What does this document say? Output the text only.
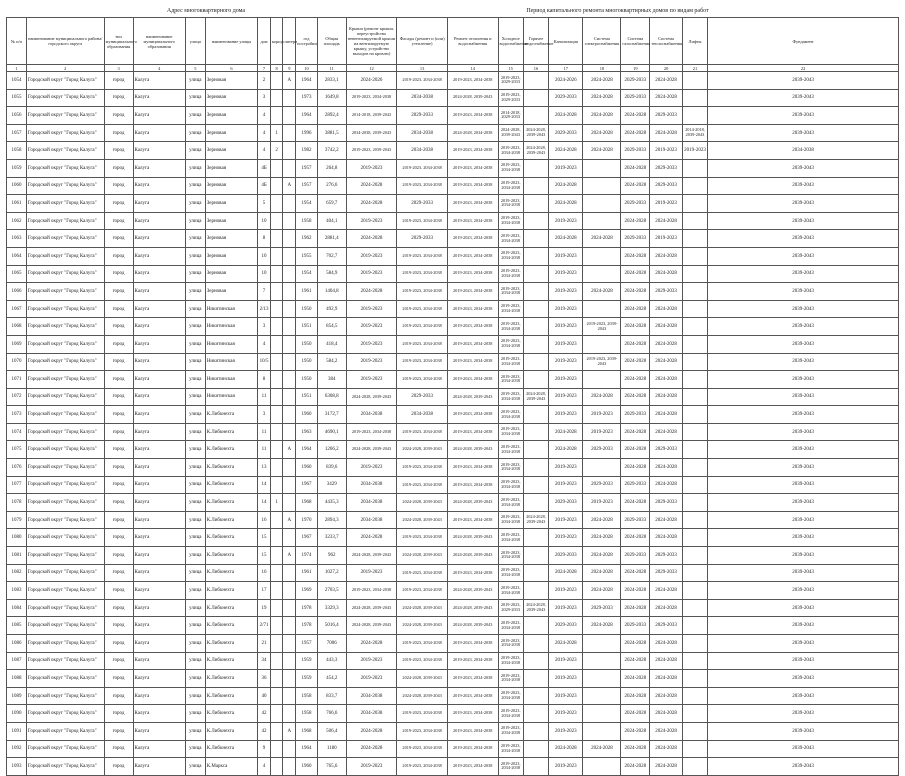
Адрес многоквартирного дома	Период капитального ремонта многоквартирных домов по видам работ
№ п/п	наименование муниципального района/городского округа	тип муниципального образования	наименование муниципального образования	улица	наименование улицы	дом	корпус	литера	год постройки	Общая площадь	Крыши (ремонт крыши, переустройство невентилируемой крыши на вентилируемую крышу, устройство выходов на кровлю)	Фасады (ремонт и (или) утепление)	Ремонт отопления и водоснабжения	Холодное водоснабжение	Горячее водоснабжение	Канализация	Система электроснабжения	Система газоснабжения	Система теплоснабжения	Лифты	Фундамент
1	2	3	4	5	6	7	8	9	10	11	12	13	14	15	16	17	18	19	20	21	22
1054	Городской округ "Город Калуга"	город	Калуга	улица	Зерновая	2		А	1964	2833,1	2024-2026	2019-2023, 2034-2038	2019-2023, 2034-2038	2019-2023, 2029-2033		2024-2026	2024-2028	2029-2033	2024-2028		2039-2043
1055	Городской округ "Город Калуга"	город	Калуга	улица	Зерновая	3			1973	1649,8	2019-2023, 2034-2038	2034-2038	2024-2028, 2039-2043	2019-2023, 2029-2033		2029-2033	2024-2028	2029-2033	2024-2028		2039-2043
1056	Городской округ "Город Калуга"	город	Калуга	улица	Зерновая	4			1964	2892,4	2014-2018, 2039-2043	2029-2033	2019-2023, 2034-2038	2014-2018, 2029-2033		2024-2028	2024-2028	2024-2028	2029-2033		2039-2043
1057	Городской округ "Город Калуга"	город	Калуга	улица	Зерновая	4	1		1996	3881,5	2034-2038, 2039-2043	2034-2038	2024-2028, 2034-2038	2024-2028, 2039-2043	2024-2028, 2039-2043	2029-2033	2024-2028	2024-2028	2024-2028	2014-2018, 2039-2043	2039-2043
1058	Городской округ "Город Калуга"	город	Калуга	улица	Зерновая	4	2		1982	3742,2	2019-2023, 2039-2043	2034-2038	2019-2023, 2034-2038	2019-2023, 2034-2038	2024-2028, 2039-2043	2024-2028	2024-2028	2029-2033	2019-2023	2019-2023	2034-2038
1059	Городской округ "Город Калуга"	город	Калуга	улица	Зерновая	4Б			1957	264,8	2019-2023	2019-2023, 2034-2038	2019-2023, 2034-2038	2019-2023, 2034-2038		2019-2023		2024-2028	2029-2033		2039-2043
1060	Городской округ "Город Калуга"	город	Калуга	улица	Зерновая	4Б		А	1957	276,6	2024-2028	2019-2023, 2034-2038	2019-2023, 2034-2038	2019-2023, 2034-2038		2024-2028		2024-2028	2029-2033		2039-2043
1061	Городской округ "Город Калуга"	город	Калуга	улица	Зерновая	5			1954	659,7	2024-2028	2029-2033	2019-2023, 2034-2038	2019-2023, 2034-2038		2024-2028		2029-2033	2019-2023		2039-2043
1062	Городской округ "Город Калуга"	город	Калуга	улица	Зерновая	10			1958	404,1	2019-2023	2019-2023, 2034-2038	2019-2023, 2034-2038	2019-2023, 2034-2038		2019-2023		2024-2028	2024-2028		2039-2043
1063	Городской округ "Город Калуга"	город	Калуга	улица	Зерновая	8			1962	2881,4	2024-2028	2029-2033	2019-2023, 2034-2038	2019-2023, 2034-2038		2024-2028	2024-2028	2029-2033	2019-2023		2039-2043
1064	Городской округ "Город Калуга"	город	Калуга	улица	Зерновая	10			1955	702,7	2019-2023	2019-2023, 2034-2038	2019-2023, 2034-2038	2019-2023, 2034-2038		2019-2023		2024-2028	2024-2028		2039-2043
1065	Городской округ "Город Калуга"	город	Калуга	улица	Зерновая	10			1954	584,9	2019-2023	2019-2023, 2034-2038	2019-2023, 2034-2038	2019-2023, 2034-2038		2019-2023		2024-2028	2024-2028		2039-2043
1066	Городской округ "Город Калуга"	город	Калуга	улица	Зерновая	7			1961	1404,8	2024-2028	2019-2023, 2034-2038	2019-2023, 2034-2038	2019-2023, 2034-2038		2019-2023	2024-2028	2024-2028	2029-2033		2039-2043
1067	Городской округ "Город Калуга"	город	Калуга	улица	Никитинская	2/13			1950	492,9	2019-2023	2019-2023, 2034-2038	2019-2023, 2034-2038	2019-2023, 2034-2038		2019-2023		2024-2028	2024-2028		2039-2043
1068	Городской округ "Город Калуга"	город	Калуга	улица	Никитинская	3			1951	854,5	2019-2023	2019-2023, 2034-2038	2019-2023, 2034-2038	2019-2023, 2034-2038		2019-2023	2019-2023, 2039-2043	2024-2028	2024-2028		2039-2043
1069	Городской округ "Город Калуга"	город	Калуга	улица	Никитинская	4			1950	418,4	2019-2023	2019-2023, 2034-2038	2019-2023, 2034-2038	2019-2023, 2034-2038		2019-2023		2024-2028	2024-2028		2039-2043
1070	Городской округ "Город Калуга"	город	Калуга	улица	Никитинская	10/5			1950	584,2	2019-2023	2019-2023, 2034-2038	2019-2023, 2034-2038	2019-2023, 2034-2038		2019-2023	2019-2023, 2039-2043	2024-2028	2024-2028		2039-2043
1071	Городской округ "Город Калуга"	город	Калуга	улица	Никитинская	8			1950	384	2019-2023	2019-2023, 2034-2038	2019-2023, 2034-2038	2019-2023, 2034-2038		2019-2023		2024-2028	2024-2028		2039-2043
1072	Городской округ "Город Калуга"	город	Калуга	улица	Никитинская	11			1951	6308,8	2024-2028, 2039-2043	2029-2033	2024-2028, 2039-2043	2019-2023, 2034-2038	2024-2028, 2039-2043	2019-2023	2024-2028	2024-2028	2024-2028		2039-2043
1073	Городской округ "Город Калуга"	город	Калуга	улица	К.Либкнехта	3			1960	3172,7	2034-2038	2034-2038	2019-2023, 2034-2038	2019-2023, 2034-2038		2019-2023	2019-2023	2029-2033	2024-2028		2039-2043
1074	Городской округ "Город Калуга"	город	Калуга	улица	К.Либкнехта	11			1963	4690,1	2019-2023, 2034-2038	2019-2023, 2034-2038	2019-2023, 2034-2038	2019-2023, 2034-2038		2024-2028	2019-2023	2024-2028	2024-2028		2039-2043
1075	Городской округ "Город Калуга"	город	Калуга	улица	К.Либкнехта	11		А	1964	1266,2	2024-2028, 2039-2043	2024-2028, 2039-2043	2024-2028, 2039-2043	2019-2023, 2034-2038		2024-2028	2029-2033	2024-2028	2029-2033		2039-2043
1076	Городской округ "Город Калуга"	город	Калуга	улица	К.Либкнехта	13			1960	839,6	2019-2023	2019-2023, 2034-2038	2019-2023, 2034-2038	2019-2023, 2034-2038		2019-2023		2024-2028	2024-2028		2039-2043
1077	Городской округ "Город Калуга"	город	Калуга	улица	К.Либкнехта	14			1967	3429	2034-2038	2019-2023, 2034-2038	2019-2023, 2034-2038	2019-2023, 2034-2038		2019-2023	2029-2033	2029-2033	2024-2028		2039-2043
1078	Городской округ "Город Калуга"	город	Калуга	улица	К.Либкнехта	14	1		1968	4435,3	2034-2038	2024-2028, 2039-2043	2024-2028, 2039-2043	2019-2023, 2034-2038		2029-2033	2019-2023	2024-2028	2029-2033		2039-2043
1079	Городской округ "Город Калуга"	город	Калуга	улица	К.Либкнехта	16		А	1970	2894,3	2034-2038	2024-2028, 2039-2043	2019-2023, 2034-2038	2019-2023, 2034-2038	2024-2028, 2039-2043	2019-2023	2024-2028	2029-2033	2024-2028		2039-2043
1080	Городской округ "Город Калуга"	город	Калуга	улица	К.Либкнехта	15			1967	3233,7	2024-2028	2019-2023, 2034-2038	2024-2028, 2039-2043	2019-2023, 2034-2038		2019-2023	2024-2028	2024-2028	2024-2028		2039-2043
1081	Городской округ "Город Калуга"	город	Калуга	улица	К.Либкнехта	15		А	1974	962	2024-2028, 2039-2043	2024-2028, 2039-2043	2024-2028, 2039-2043	2019-2023, 2034-2038		2029-2033	2024-2028	2029-2033	2029-2033		2039-2043
1082	Городской округ "Город Калуга"	город	Калуга	улица	К.Либкнехта	16			1961	1027,2	2019-2023	2019-2023, 2034-2038	2019-2023, 2034-2038	2019-2023, 2034-2038		2024-2028	2024-2028	2024-2028	2029-2033		2039-2043
1083	Городской округ "Город Калуга"	город	Калуга	улица	К.Либкнехта	17			1969	2703,5	2019-2023, 2034-2038	2019-2023, 2034-2038	2024-2028, 2039-2043	2019-2023, 2034-2038		2019-2023	2024-2028	2024-2028	2024-2028		2039-2043
1084	Городской округ "Город Калуга"	город	Калуга	улица	К.Либкнехта	19			1978	3329,3	2024-2028, 2039-2043	2024-2028, 2039-2043	2024-2028, 2039-2043	2019-2023, 2029-2033	2024-2028, 2039-2043	2019-2023	2029-2033	2024-2028	2024-2028		2039-2043
1085	Городской округ "Город Калуга"	город	Калуга	улица	К.Либкнехта	2/71			1978	5016,4	2024-2028, 2039-2043	2024-2028, 2039-2043	2024-2028, 2039-2043	2019-2023, 2034-2038		2029-2033	2024-2028	2029-2033	2029-2033		2039-2043
1086	Городской округ "Город Калуга"	город	Калуга	улица	К.Либкнехта	21			1957	7006	2024-2028	2019-2023, 2034-2038	2019-2023, 2034-2038	2019-2023, 2034-2038		2024-2028		2024-2028	2024-2028		2039-2043
1087	Городской округ "Город Калуга"	город	Калуга	улица	К.Либкнехта	34			1959	443,3	2019-2023	2019-2023, 2034-2038	2019-2023, 2034-2038	2019-2023, 2034-2038		2019-2023		2024-2028	2024-2028		2039-2043
1088	Городской округ "Город Калуга"	город	Калуга	улица	К.Либкнехта	36			1959	454,2	2019-2023	2024-2028, 2039-2043	2019-2023, 2034-2038	2019-2023, 2034-2038		2019-2023		2024-2028	2024-2028		2039-2043
1089	Городской округ "Город Калуга"	город	Калуга	улица	К.Либкнехта	40			1958	833,7	2034-2038	2024-2028, 2039-2043	2019-2023, 2034-2038	2019-2023, 2034-2038		2019-2023		2024-2028	2024-2028		2039-2043
1090	Городской округ "Город Калуга"	город	Калуга	улица	К.Либкнехта	42			1958	766,6	2034-2038	2019-2023, 2034-2038	2019-2023, 2034-2038	2019-2023, 2034-2038		2019-2023		2024-2028	2024-2028		2039-2043
1091	Городской округ "Город Калуга"	город	Калуга	улица	К.Либкнехта	42		А	1968	506,4	2024-2028	2019-2023, 2034-2038	2019-2023, 2034-2038	2019-2023, 2034-2038		2019-2023		2024-2028	2024-2028		2039-2043
1092	Городской округ "Город Калуга"	город	Калуга	улица	К.Либкнехта	9			1964	1180	2024-2028	2019-2023, 2034-2038	2019-2023, 2034-2038	2019-2023, 2034-2038		2024-2028	2024-2028	2024-2028	2024-2028		2039-2043
1093	Городской округ "Город Калуга"	город	Калуга	улица	К.Маркса	4			1960	765,6	2019-2023	2019-2023, 2034-2038	2019-2023, 2034-2038	2019-2023, 2034-2038		2019-2023		2024-2028	2024-2028		2039-2043
